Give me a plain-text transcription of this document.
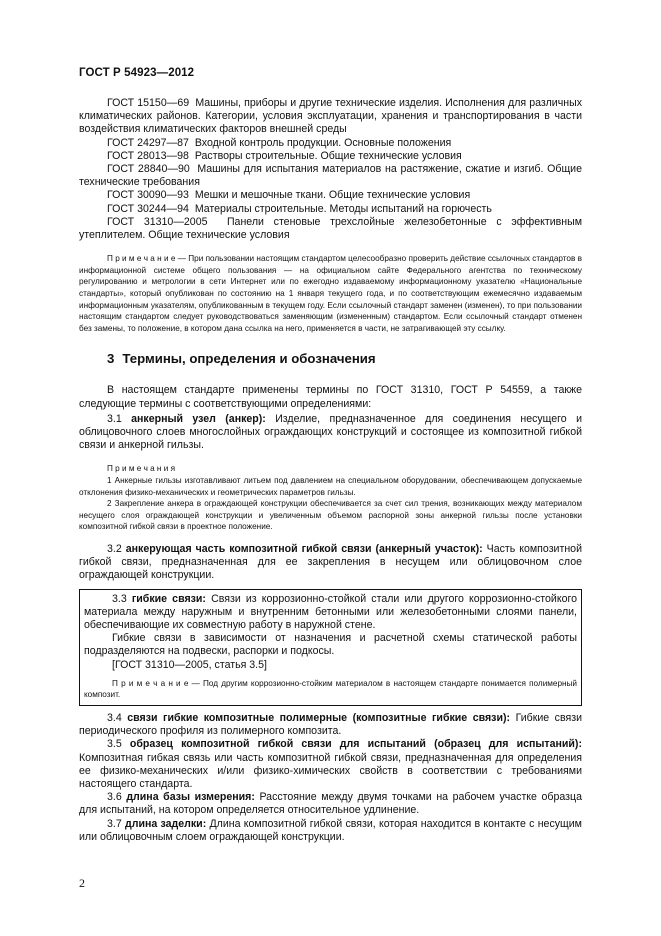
ГОСТ Р 54923—2012

ГОСТ 15150—69 Машины, приборы и другие технические изделия. Исполнения для различных климатических районов. Категории, условия эксплуатации, хранения и транспортирования в части воздействия климатических факторов внешней среды

ГОСТ 24297—87 Входной контроль продукции. Основные положения

ГОСТ 28013—98 Растворы строительные. Общие технические условия

ГОСТ 28840—90 Машины для испытания материалов на растяжение, сжатие и изгиб. Общие технические требования

ГОСТ 30090—93 Мешки и мешочные ткани. Общие технические условия

ГОСТ 30244—94 Материалы строительные. Методы испытаний на горючесть

ГОСТ 31310—2005 Панели стеновые трехслойные железобетонные с эффективным утеплителем. Общие технические условия

П р и м е ч а н и е — При пользовании настоящим стандартом целесообразно проверить действие ссылочных стандартов в информационной системе общего пользования — на официальном сайте Федерального агентства по техническому регулированию и метрологии в сети Интернет или по ежегодно издаваемому информационному указателю «Национальные стандарты», который опубликован по состоянию на 1 января текущего года, и по соответствующим ежемесячно издаваемым информационным указателям, опубликованным в текущем году. Если ссылочный стандарт заменен (изменен), то при пользовании настоящим стандартом следует руководствоваться заменяющим (измененным) стандартом. Если ссылочный стандарт отменен без замены, то положение, в котором дана ссылка на него, применяется в части, не затрагивающей эту ссылку.

3 Термины, определения и обозначения

В настоящем стандарте применены термины по ГОСТ 31310, ГОСТ Р 54559, а также следующие термины с соответствующими определениями:

3.1 анкерный узел (анкер): Изделие, предназначенное для соединения несущего и облицовочного слоев многослойных ограждающих конструкций и состоящее из композитной гибкой связи и анкерной гильзы.

П р и м е ч а н и я

1 Анкерные гильзы изготавливают литьем под давлением на специальном оборудовании, обеспечивающем допускаемые отклонения физико-механических и геометрических параметров гильзы.

2 Закрепление анкера в ограждающей конструкции обеспечивается за счет сил трения, возникающих между материалом несущего слоя ограждающей конструкции и увеличенным объемом распорной зоны анкерной гильзы после установки композитной гибкой связи в проектное положение.

3.2 анкерующая часть композитной гибкой связи (анкерный участок): Часть композитной гибкой связи, предназначенная для ее закрепления в несущем или облицовочном слое ограждающей конструкции.

3.3 гибкие связи: Связи из коррозионно-стойкой стали или другого коррозионно-стойкого материала между наружным и внутренним бетонными или железобетонными слоями панели, обеспечивающие их совместную работу в наружной стене.

Гибкие связи в зависимости от назначения и расчетной схемы статической работы подразделяются на подвески, распорки и подкосы.

[ГОСТ 31310—2005, статья 3.5]

П р и м е ч а н и е — Под другим коррозионно-стойким материалом в настоящем стандарте понимается полимерный композит.

3.4 связи гибкие композитные полимерные (композитные гибкие связи): Гибкие связи периодического профиля из полимерного композита.

3.5 образец композитной гибкой связи для испытаний (образец для испытаний): Композитная гибкая связь или часть композитной гибкой связи, предназначенная для определения ее физико-механических и/или физико-химических свойств в соответствии с требованиями настоящего стандарта.

3.6 длина базы измерения: Расстояние между двумя точками на рабочем участке образца для испытаний, на котором определяется относительное удлинение.

3.7 длина заделки: Длина композитной гибкой связи, которая находится в контакте с несущим или облицовочным слоем ограждающей конструкции.

2
